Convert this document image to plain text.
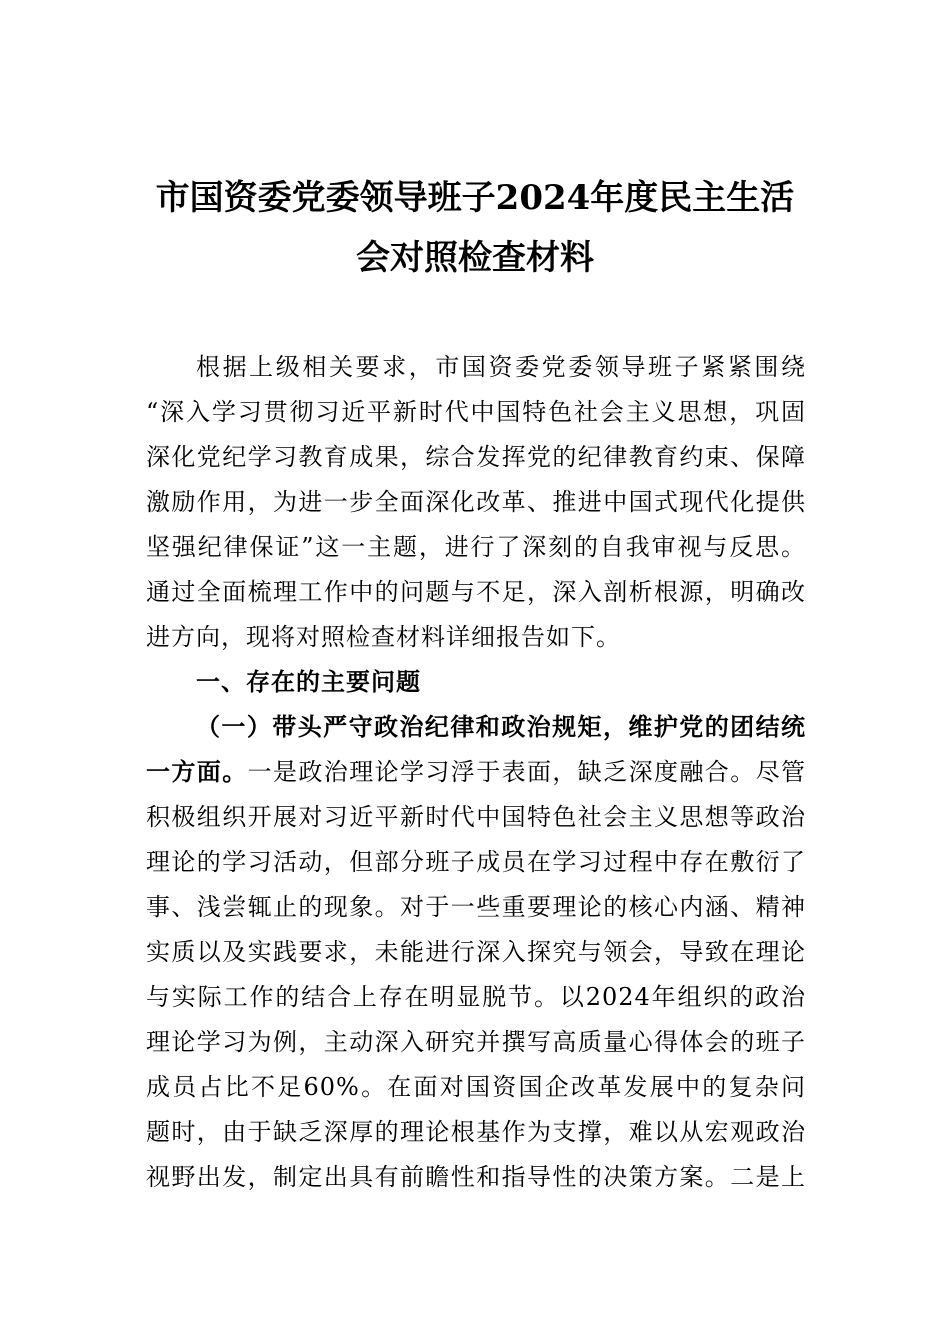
市国资委党委领导班子2024年度民主生活
会对照检查材料
根据上级相关要求，市国资委党委领导班子紧紧围绕
“深入学习贯彻习近平新时代中国特色社会主义思想，巩固
深化党纪学习教育成果，综合发挥党的纪律教育约束、保障
激励作用，为进一步全面深化改革、推进中国式现代化提供
坚强纪律保证”这一主题，进行了深刻的自我审视与反思。
通过全面梳理工作中的问题与不足，深入剖析根源，明确改
进方向，现将对照检查材料详细报告如下。
一、存在的主要问题
（一）带头严守政治纪律和政治规矩，维护党的团结统
一方面。一是政治理论学习浮于表面，缺乏深度融合。尽管
积极组织开展对习近平新时代中国特色社会主义思想等政治
理论的学习活动，但部分班子成员在学习过程中存在敷衍了
事、浅尝辄止的现象。对于一些重要理论的核心内涵、精神
实质以及实践要求，未能进行深入探究与领会，导致在理论
与实际工作的结合上存在明显脱节。以2024年组织的政治
理论学习为例，主动深入研究并撰写高质量心得体会的班子
成员占比不足60%。在面对国资国企改革发展中的复杂问
题时，由于缺乏深厚的理论根基作为支撑，难以从宏观政治
视野出发，制定出具有前瞻性和指导性的决策方案。二是上
